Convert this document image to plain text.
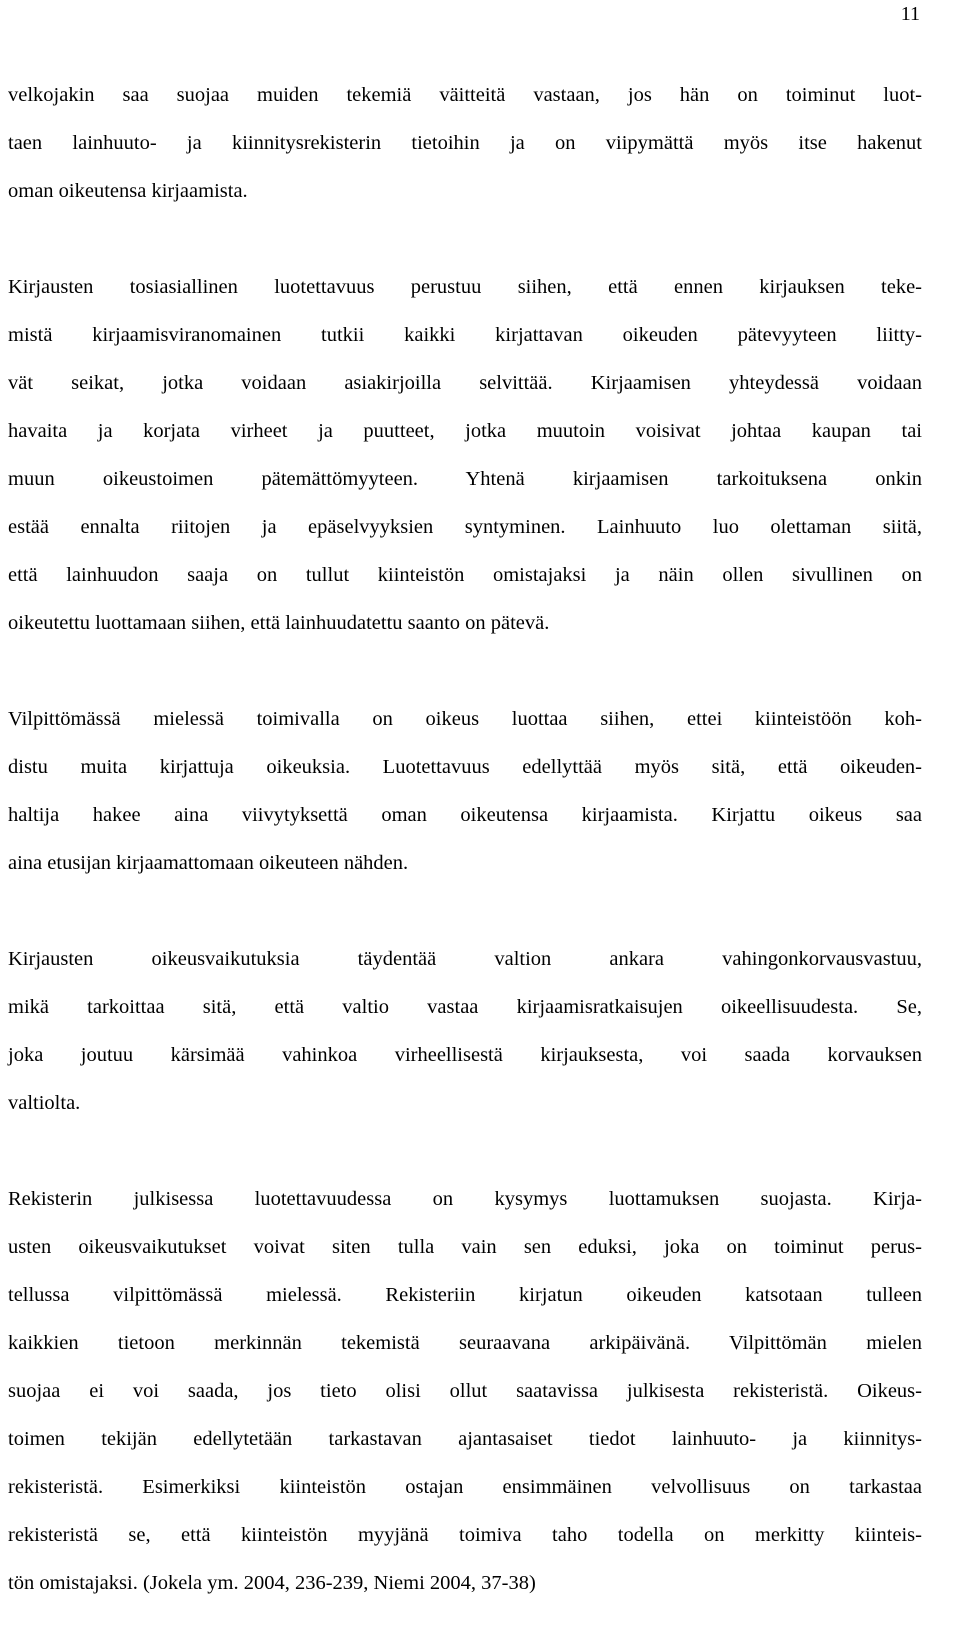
11
velkojakin saa suojaa muiden tekemiä väitteitä vastaan, jos hän on toiminut luot-
taen lainhuuto- ja kiinnitysrekisterin tietoihin ja on viipymättä myös itse hakenut
oman oikeutensa kirjaamista.
Kirjausten tosiasiallinen luotettavuus perustuu siihen, että ennen kirjauksen teke-
mistä kirjaamisviranomainen tutkii kaikki kirjattavan oikeuden pätevyyteen liitty-
vät seikat, jotka voidaan asiakirjoilla selvittää. Kirjaamisen yhteydessä voidaan
havaita ja korjata virheet ja puutteet, jotka muutoin voisivat johtaa kaupan tai
muun oikeustoimen pätemättömyyteen. Yhtenä kirjaamisen tarkoituksena onkin
estää ennalta riitojen ja epäselvyyksien syntyminen. Lainhuuto luo olettaman siitä,
että lainhuudon saaja on tullut kiinteistön omistajaksi ja näin ollen sivullinen on
oikeutettu luottamaan siihen, että lainhuudatettu saanto on pätevä.
Vilpittömässä mielessä toimivalla on oikeus luottaa siihen, ettei kiinteistöön koh-
distu muita kirjattuja oikeuksia. Luotettavuus edellyttää myös sitä, että oikeuden-
haltija hakee aina viivytyksettä oman oikeutensa kirjaamista. Kirjattu oikeus saa
aina etusijan kirjaamattomaan oikeuteen nähden.
Kirjausten oikeusvaikutuksia täydentää valtion ankara vahingonkorvausvastuu,
mikä tarkoittaa sitä, että valtio vastaa kirjaamisratkaisujen oikeellisuudesta. Se,
joka joutuu kärsimää vahinkoa virheellisestä kirjauksesta, voi saada korvauksen
valtiolta.
Rekisterin julkisessa luotettavuudessa on kysymys luottamuksen suojasta. Kirja-
usten oikeusvaikutukset voivat siten tulla vain sen eduksi, joka on toiminut perus-
tellussa vilpittömässä mielessä. Rekisteriin kirjatun oikeuden katsotaan tulleen
kaikkien tietoon merkinnän tekemistä seuraavana arkipäivänä. Vilpittömän mielen
suojaa ei voi saada, jos tieto olisi ollut saatavissa julkisesta rekisteristä. Oikeus-
toimen tekijän edellytetään tarkastavan ajantasaiset tiedot lainhuuto- ja kiinnitys-
rekisteristä. Esimerkiksi kiinteistön ostajan ensimmäinen velvollisuus on tarkastaa
rekisteristä se, että kiinteistön myyjänä toimiva taho todella on merkitty kiinteis-
tön omistajaksi. (Jokela ym. 2004, 236-239, Niemi 2004, 37-38)
